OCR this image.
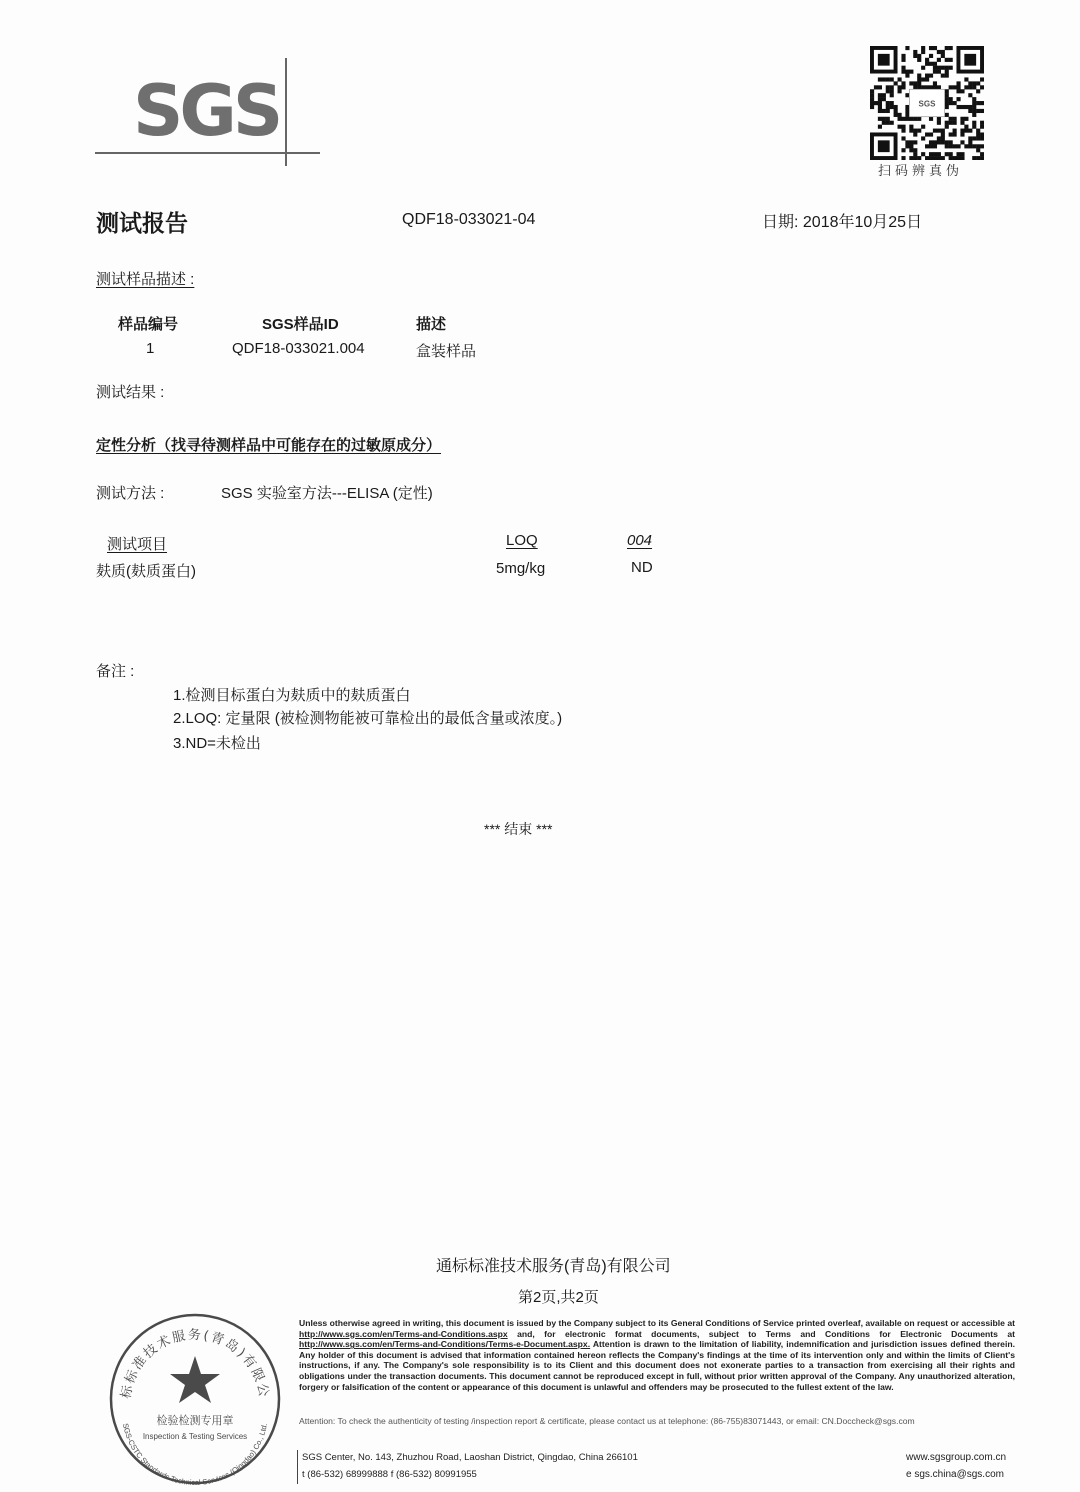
SGS	SGS
扫码辨真伪
测试报告	QDF18-033021-04	日期: 2018年10月25日
测试样品描述 :
样品编号	SGS样品ID	描述
1	QDF18-033021.004	盒装样品
测试结果 :
定性分析（找寻待测样品中可能存在的过敏原成分）
测试方法 :	SGS 实验室方法---ELISA (定性)
测试项目	LOQ	004
麸质(麸质蛋白)	5mg/kg	ND
备注 :
1.检测目标蛋白为麸质中的麸质蛋白
2.LOQ: 定量限 (被检测物能被可靠检出的最低含量或浓度。)
3.ND=未检出
*** 结束 ***
通标标准技术服务(青岛)有限公司
第2页,共2页
Unless otherwise agreed in writing, this document is issued by the Company subject to its General Conditions of Service printed overleaf, available on request or accessible at http://www.sgs.com/en/Terms-and-Conditions.aspx and, for electronic format documents, subject to Terms and Conditions for Electronic Documents at http://www.sgs.com/en/Terms-and-Conditions/Terms-e-Document.aspx. Attention is drawn to the limitation of liability, indemnification and jurisdiction issues defined therein. Any holder of this document is advised that information contained hereon reflects the Company's findings at the time of its intervention only and within the limits of Client's instructions, if any. The Company's sole responsibility is to its Client and this document does not exonerate parties to a transaction from exercising all their rights and obligations under the transaction documents. This document cannot be reproduced except in full, without prior written approval of the Company. Any unauthorized alteration, forgery or falsification of the content or appearance of this document is unlawful and offenders may be prosecuted to the fullest extent of the law.
Attention: To check the authenticity of testing /inspection report & certificate, please contact us at telephone: (86-755)83071443, or email: CN.Doccheck@sgs.com
SGS Center, No. 143, Zhuzhou Road, Laoshan District, Qingdao, China 266101
t (86-532) 68999888 f (86-532) 80991955
www.sgsgroup.com.cn
e sgs.china@sgs.com
标标准技术服务(青岛)有限公
检验检测专用章
Inspection & Testing Services
SGS-CSTC Standards Technical Services (Qingdao) Co., Ltd.
